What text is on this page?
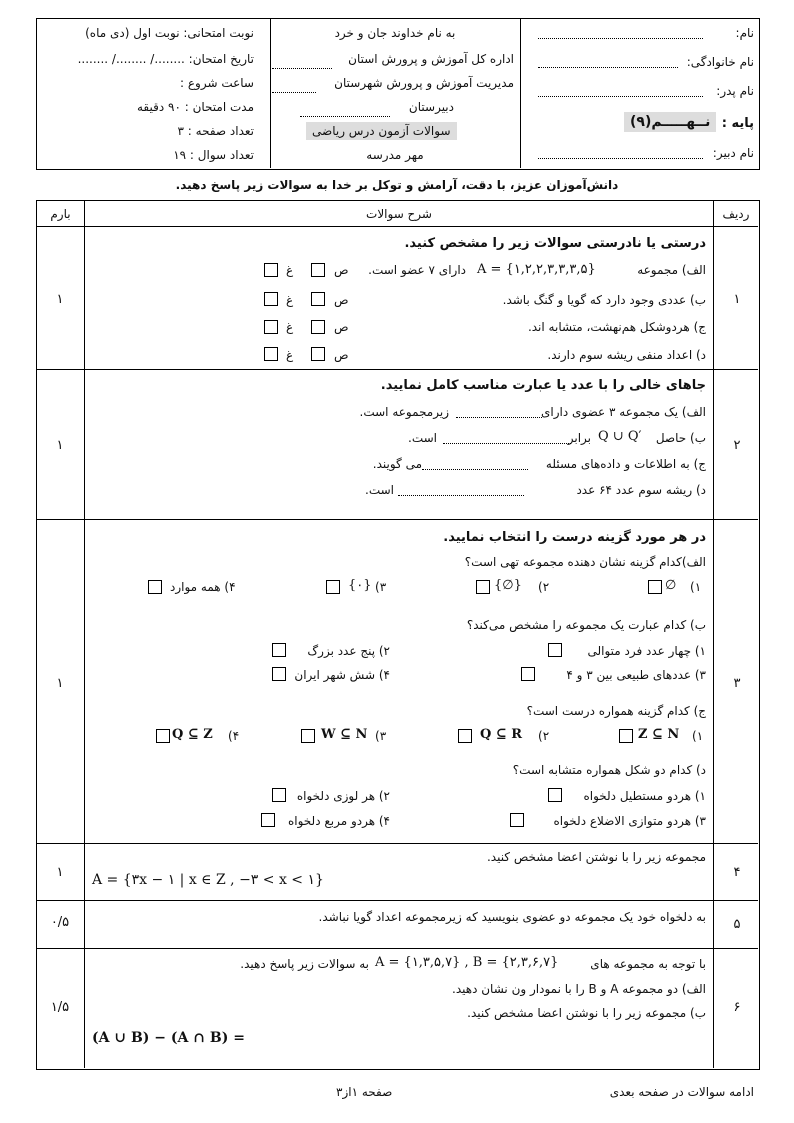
نام:
نام خانوادگی:
نام پدر:
پایه :
نــهـــــم(۹)
نام دبیر:
به نام خداوند جان و خرد
اداره کل آموزش و پرورش استان
مدیریت آموزش و پرورش شهرستان
دبیرستان
سوالات آزمون درس ریاضی
مهر مدرسه
نوبت امتحانی: نوبت اول (دی ماه)
تاریخ امتحان: ......../ ......../ ........
ساعت شروع :
مدت امتحان : ۹۰ دقیقه
تعداد صفحه : ۳
تعداد سوال : ۱۹
دانش‌آموزان عزیز، با دقت، آرامش و توکل بر خدا به سوالات زیر پاسخ دهید.
ردیف
شرح سوالات
بارم
۱
۱
درستی یا نادرستی سوالات زیر را مشخص کنید.
الف) مجموعه
A = {۱,۲,۲,۳,۳,۳,۵}
دارای ۷ عضو است.
ب) عددی وجود دارد که گویا و گنگ باشد.
ج) هردوشکل هم‌نهشت، متشابه اند.
د) اعداد منفی ریشه سوم دارند.
ص
غ
ص
غ
ص
غ
ص
غ
۲
۱
جاهای خالی را با عدد یا عبارت مناسب کامل نمایید.
الف) یک مجموعه ۳ عضوی دارای
زیرمجموعه است.
ب) حاصل
Q ∪ Q′
برابر
است.
ج) به اطلاعات و داده‌های مسئله
می گویند.
د) ریشه سوم عدد ۶۴ عدد
است.
۳
۱
در هر مورد گزینه درست را انتخاب نمایید.
الف)کدام گزینه نشان دهنده مجموعه تهی است؟
۱)
∅
۲)
{∅}
۳)
{۰}
۴) همه موارد
ب) کدام عبارت یک مجموعه را مشخص می‌کند؟
۱) چهار عدد فرد متوالی
۲) پنج عدد بزرگ
۳) عددهای طبیعی بین ۳ و ۴
۴) شش شهر ایران
ج) کدام گزینه همواره درست است؟
۱)
Z ⊆ N
۲)
Q ⊆ R
۳)
W ⊆ N
۴)
Q ⊆ Z
د) کدام دو شکل همواره متشابه است؟
۱) هردو مستطیل دلخواه
۲) هر لوزی دلخواه
۳) هردو متوازی الاضلاع دلخواه
۴) هردو مربع دلخواه
۴
۱
مجموعه زیر را با نوشتن اعضا مشخص کنید.
A = {۳x − ۱ | x ∈ Z , −۳ < x < ۱}
۵
۰/۵	به دلخواه خود یک مجموعه دو عضوی بنویسید که زیرمجموعه اعداد گویا نباشد.
۶
۱/۵
با توجه به مجموعه های
A = {۱,۳,۵,۷} , B = {۲,۳,۶,۷}
به سوالات زیر پاسخ دهید.
الف) دو مجموعه A و B را با نمودار ون نشان دهید.
ب) مجموعه زیر را با نوشتن اعضا مشخص کنید.
(A ∪ B) − (A ∩ B) =
ادامه سوالات در صفحه بعدی
صفحه ۱از۳
